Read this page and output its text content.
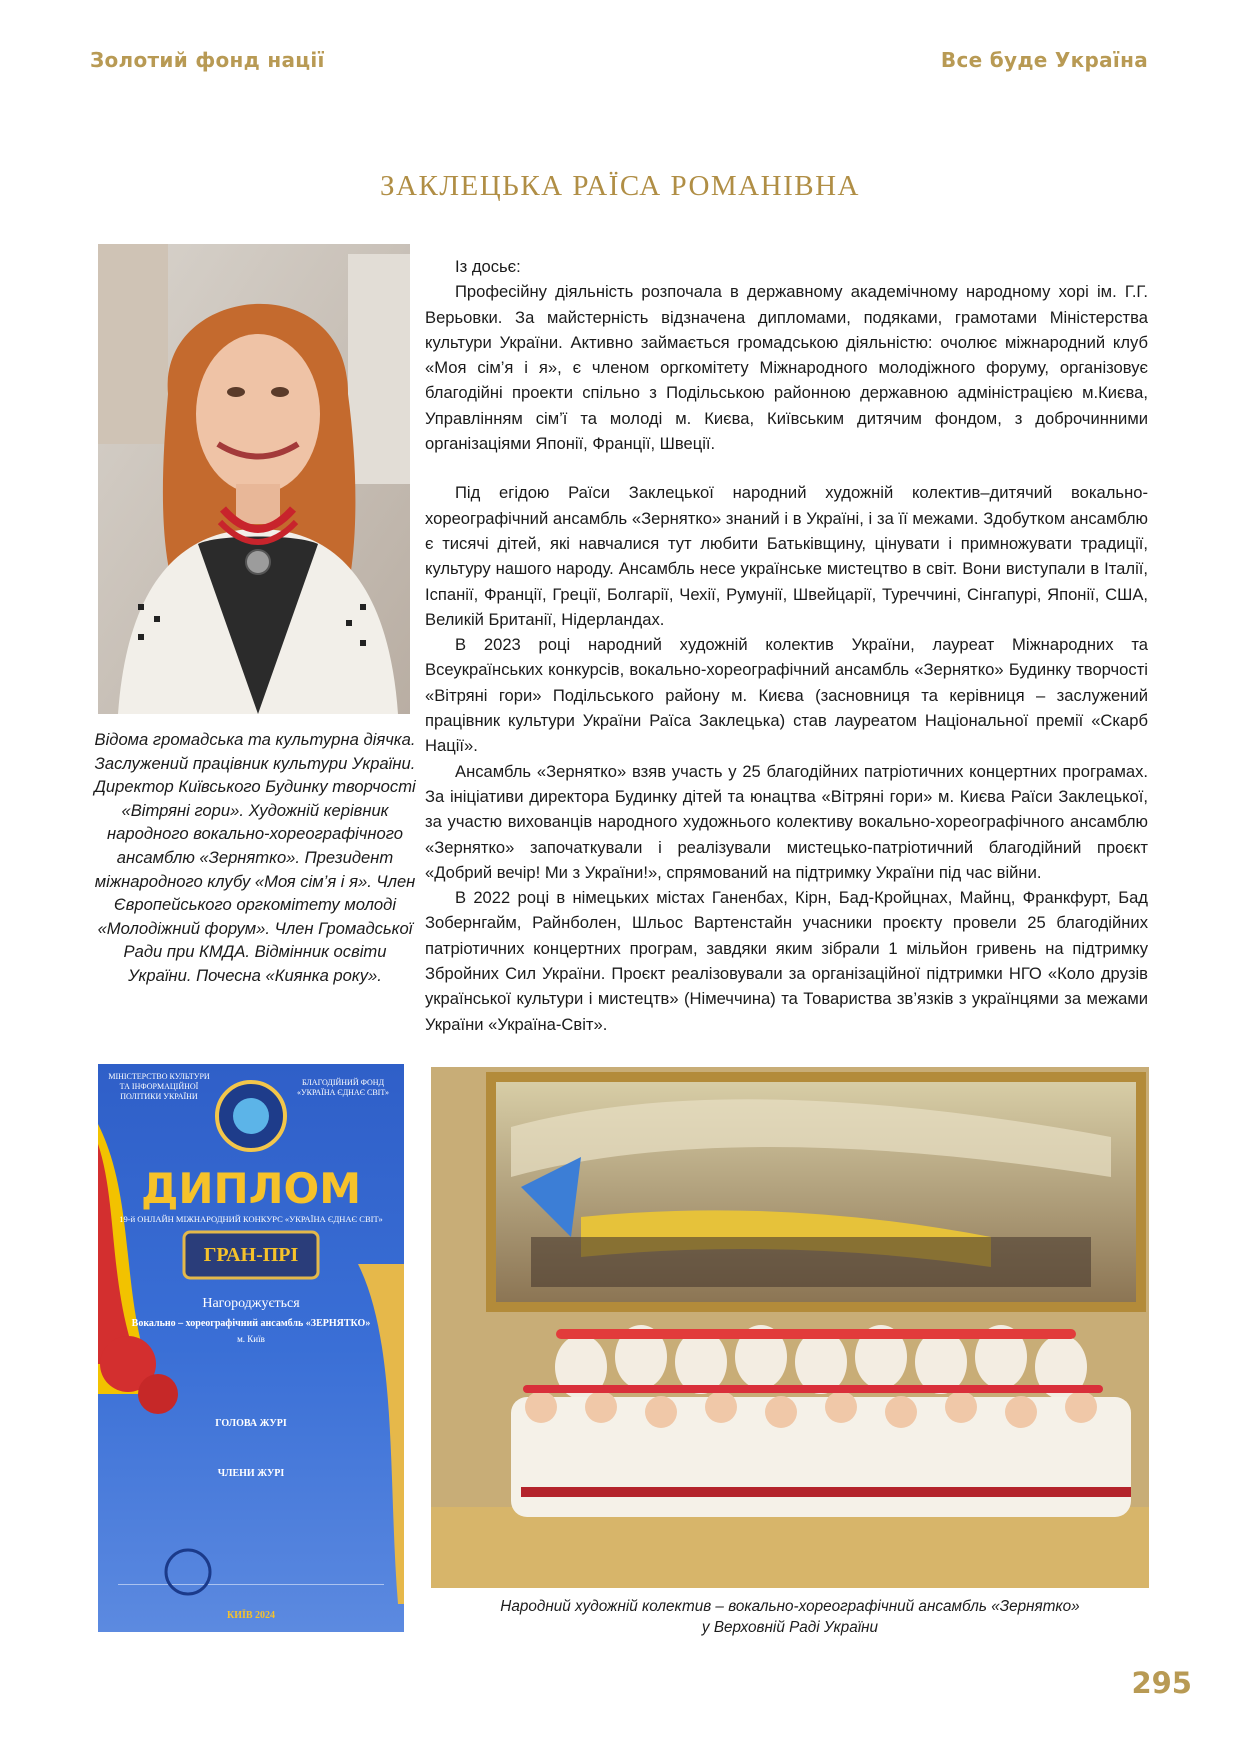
Золотий фонд нації	Все буде Україна
ЗАКЛЕЦЬКА РАЇСА РОМАНІВНА
Відома громадська та культурна діячка. Заслужений працівник культури України. Директор Київського Будинку творчості «Вітряні гори». Художній керівник народного вокально-хореографічного ансамблю «Зернятко». Президент міжнародного клубу «Моя сім’я і я». Член Європейського оргкомітету молоді «Молодіжний форум». Член Громадської Ради при КМДА. Відмінник освіти України. Почесна «Киянка року».
МІНІСТЕРСТВО КУЛЬТУРИ ТА ІНФОРМАЦІЙНОЇ ПОЛІТИКИ УКРАЇНИ
БЛАГОДІЙНИЙ ФОНД «УКРАЇНА ЄДНАЄ СВІТ»
ДИПЛОМ
19-й ОНЛАЙН МІЖНАРОДНИЙ КОНКУРС «УКРАЇНА ЄДНАЄ СВІТ»
ГРАН-ПРІ
Нагороджується
Вокально – хореографічний ансамбль «ЗЕРНЯТКО»
м. Київ
ГОЛОВА ЖУРІ
ЧЛЕНИ ЖУРІ
КИЇВ 2024

Із досьє:

Професійну діяльність розпочала в державному академічному народному хорі ім. Г.Г. Верьовки. За майстерність відзначена дипломами, подяками, грамотами Міністерства культури України. Активно займається громадською діяльністю: очолює міжнародний клуб «Моя сім’я і я», є членом оргкомітету Міжнародного молодіжного форуму, організовує благодійні проекти спільно з Подільською районною державною адміністрацією м.Києва, Управлінням сім’ї та молоді м. Києва, Київським дитячим фондом, з доброчинними організаціями Японії, Франції, Швеції.

Під егідою Раїси Заклецької народний художній колектив–дитячий вокально-хореографічний ансамбль «Зернятко» знаний і в Україні, і за її межами. Здобутком ансамблю є тисячі дітей, які навчалися тут любити Батьківщину, цінувати і примножувати традиції, культуру нашого народу. Ансамбль несе українське мистецтво в світ. Вони виступали в Італії, Іспанії, Франції, Греції, Болгарії, Чехії, Румунії, Швейцарії, Туреччині, Сінгапурі, Японії, США, Великій Британії, Нідерландах.

В 2023 році народний художній колектив України, лауреат Міжнародних та Всеукраїнських конкурсів, вокально-хореографічний ансамбль «Зернятко» Будинку творчості «Вітряні гори» Подільського району м. Києва (засновниця та керівниця – заслужений працівник культури України Раїса Заклецька) став лауреатом Національної премії «Скарб Нації».

Ансамбль «Зернятко» взяв участь у 25 благодійних патріотичних концертних програмах. За ініціативи директора Будинку дітей та юнацтва «Вітряні гори» м. Києва Раїси Заклецької, за участю вихованців народного художнього колективу вокально-хореографічного ансамблю «Зернятко» започаткували і реалізували мистецько-патріотичний благодійний проєкт «Добрий вечір! Ми з України!», спрямований на підтримку України під час війни.

В 2022 році в німецьких містах Ганенбах, Кірн, Бад-Кройцнах, Майнц, Франкфурт, Бад Зобернгайм, Райнболен, Шльос Вартенстайн учасники проєкту провели 25 благодійних патріотичних концертних програм, завдяки яким зібрали 1 мільйон гривень на підтримку Збройних Сил України. Проєкт реалізовували за організаційної підтримки НГО «Коло друзів української культури і мистецтв» (Німеччина) та Товариства зв’язків з українцями за межами України «Україна-Світ».

Народний художній колектив – вокально-хореографічний ансамбль «Зернятко»
у Верховній Раді України
295
